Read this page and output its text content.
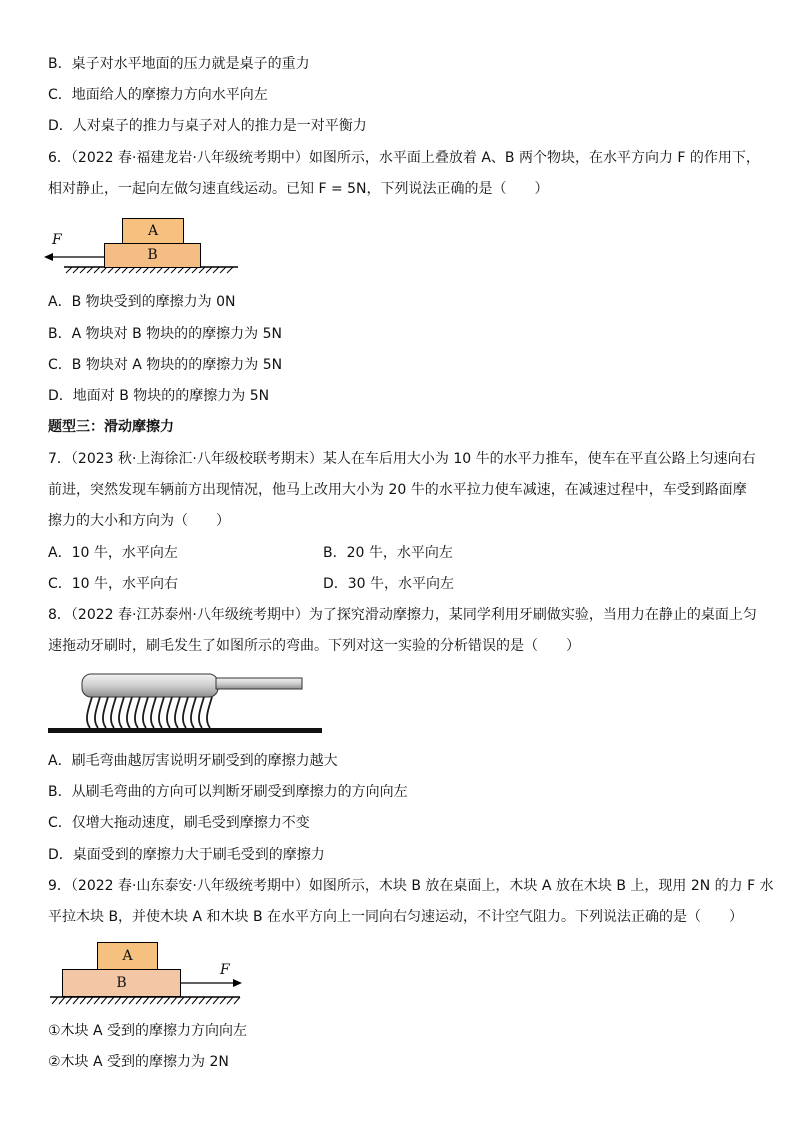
B．桌子对水平地面的压力就是桌子的重力
C．地面给人的摩擦力方向水平向左
D．人对桌子的推力与桌子对人的推力是一对平衡力
6．（2022 春·福建龙岩·八年级统考期中）如图所示，水平面上叠放着 A、B 两个物块，在水平方向力 F 的作用下，
相对静止，一起向左做匀速直线运动。已知 F = 5N，下列说法正确的是（　　）
A
B
F
A．B 物块受到的摩擦力为 0N
B．A 物块对 B 物块的的摩擦力为 5N
C．B 物块对 A 物块的的摩擦力为 5N
D．地面对 B 物块的的摩擦力为 5N
题型三：滑动摩擦力
7．（2023 秋·上海徐汇·八年级校联考期末）某人在车后用大小为 10 牛的水平力推车，使车在平直公路上匀速向右
前进，突然发现车辆前方出现情况，他马上改用大小为 20 牛的水平拉力使车减速，在减速过程中，车受到路面摩
擦力的大小和方向为（　　）
A．10 牛，水平向左	B．20 牛，水平向左
C．10 牛，水平向右	D．30 牛，水平向左
8．（2022 春·江苏泰州·八年级统考期中）为了探究滑动摩擦力，某同学利用牙刷做实验，当用力在静止的桌面上匀
速拖动牙刷时，刷毛发生了如图所示的弯曲。下列对这一实验的分析错误的是（　　）
A．刷毛弯曲越厉害说明牙刷受到的摩擦力越大
B．从刷毛弯曲的方向可以判断牙刷受到摩擦力的方向向左
C．仅增大拖动速度，刷毛受到摩擦力不变
D．桌面受到的摩擦力大于刷毛受到的摩擦力
9．（2022 春·山东泰安·八年级统考期中）如图所示，木块 B 放在桌面上，木块 A 放在木块 B 上，现用 2N 的力 F 水
平拉木块 B，并使木块 A 和木块 B 在水平方向上一同向右匀速运动，不计空气阻力。下列说法正确的是（　　）
A
B
F
①木块 A 受到的摩擦力方向向左
②木块 A 受到的摩擦力为 2N
